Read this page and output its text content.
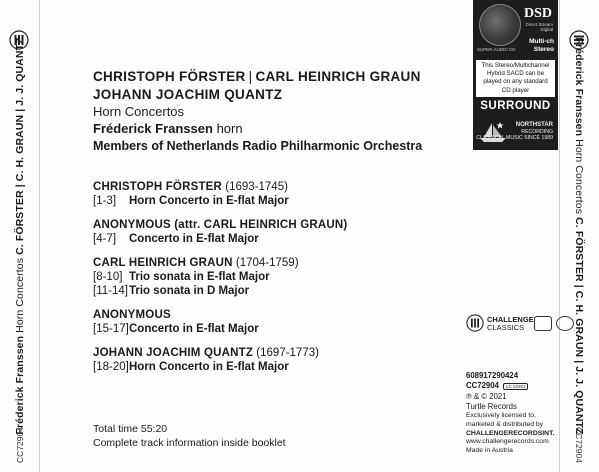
Fréderick Franssen Horn Concertos C. FÖRSTER | C. H. GRAUN | J. J. QUANTZ
CC72904
Fréderick Franssen Horn Concertos C. FÖRSTER | C. H. GRAUN | J. J. QUANTZ
CC72904
CHRISTOPH FÖRSTER | CARL HEINRICH GRAUN
JOHANN JOACHIM QUANTZ
Horn Concertos
Fréderick Franssen horn
Members of Netherlands Radio Philharmonic Orchestra
CHRISTOPH FÖRSTER (1693-1745)
[1-3]	Horn Concerto in E-flat Major
ANONYMOUS (attr. CARL HEINRICH GRAUN)
[4-7]	Concerto in E-flat Major
CARL HEINRICH GRAUN (1704-1759)
[8-10] Trio sonata in E-flat Major
[11-14] Trio sonata in D Major
ANONYMOUS
[15-17] Concerto in E-flat Major
JOHANN JOACHIM QUANTZ (1697-1773)
[18-20] Horn Concerto in E-flat Major
Total time 55:20
Complete track information inside booklet
SUPER AUDIO CD
DSD
Direct Stream Digital
Multi-ch
Stereo
This Stereo/Multichannel Hybrid SACD can be played on any standard CD player
SURROUND
NORTHSTAR
RECORDING
CLASSICAL MUSIC SINCE 1989
CHALLENGE
CLASSICS
608917290424
CC72904 LC 22301
℗ & © 2021
Turtle Records
Exclusively licensed to,
marketed & distributed by
CHALLENGERECORDSINT.
www.challengerecords.com
Made in Austria
